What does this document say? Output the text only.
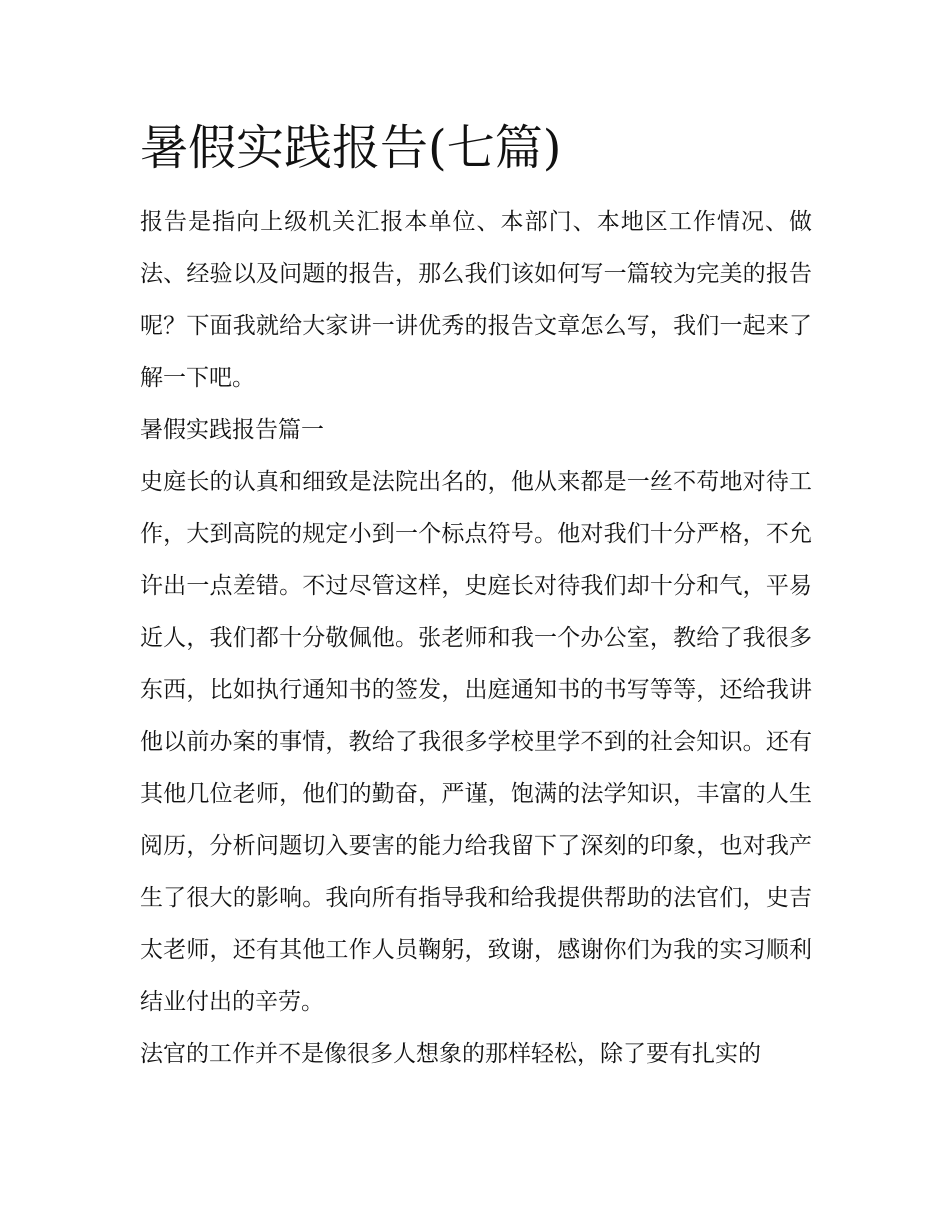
暑假实践报告(七篇)

报告是指向上级机关汇报本单位、本部门、本地区工作情况、做法、经验以及问题的报告，那么我们该如何写一篇较为完美的报告呢？下面我就给大家讲一讲优秀的报告文章怎么写，我们一起来了解一下吧。

暑假实践报告篇一

史庭长的认真和细致是法院出名的，他从来都是一丝不苟地对待工作，大到高院的规定小到一个标点符号。他对我们十分严格，不允许出一点差错。不过尽管这样，史庭长对待我们却十分和气，平易近人，我们都十分敬佩他。张老师和我一个办公室，教给了我很多东西，比如执行通知书的签发，出庭通知书的书写等等，还给我讲他以前办案的事情，教给了我很多学校里学不到的社会知识。还有其他几位老师，他们的勤奋，严谨，饱满的法学知识，丰富的人生阅历，分析问题切入要害的能力给我留下了深刻的印象，也对我产生了很大的影响。我向所有指导我和给我提供帮助的法官们，史吉太老师，还有其他工作人员鞠躬，致谢，感谢你们为我的实习顺利结业付出的辛劳。

法官的工作并不是像很多人想象的那样轻松，除了要有扎实的
